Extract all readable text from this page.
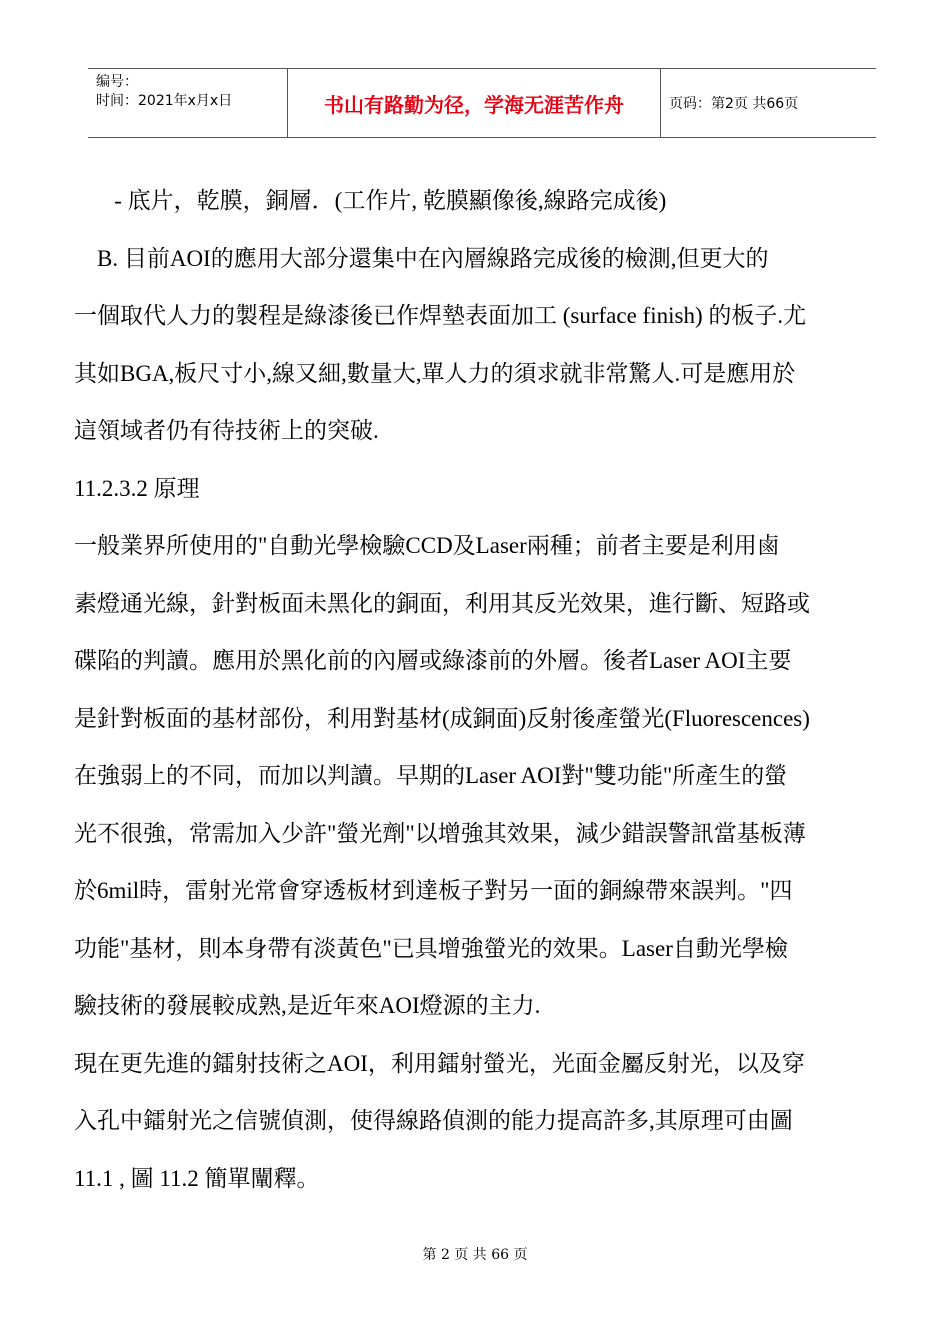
编号：
时间：2021年x月x日	书山有路勤为径，学海无涯苦作舟	页码：第2页 共66页

- 底片，乾膜，銅層．(工作片, 乾膜顯像後,線路完成後)

B. 目前AOI的應用大部分還集中在內層線路完成後的檢測,但更大的

一個取代人力的製程是綠漆後已作焊墊表面加工 (surface finish) 的板子.尤

其如BGA,板尺寸小,線又細,數量大,單人力的須求就非常驚人.可是應用於

這領域者仍有待技術上的突破.

11.2.3.2 原理

一般業界所使用的"自動光學檢驗CCD及Laser兩種；前者主要是利用鹵

素燈通光線，針對板面未黑化的銅面，利用其反光效果，進行斷、短路或

碟陷的判讀。應用於黑化前的內層或綠漆前的外層。後者Laser AOI主要

是針對板面的基材部份，利用對基材(成銅面)反射後產螢光(Fluorescences)

在強弱上的不同，而加以判讀。早期的Laser AOI對"雙功能"所產生的螢

光不很強，常需加入少許"螢光劑"以增強其效果，減少錯誤警訊當基板薄

於6mil時，雷射光常會穿透板材到達板子對另一面的銅線帶來誤判。"四

功能"基材，則本身帶有淡黃色"已具增強螢光的效果。Laser自動光學檢

驗技術的發展較成熟,是近年來AOI燈源的主力.

現在更先進的鐳射技術之AOI，利用鐳射螢光，光面金屬反射光，以及穿

入孔中鐳射光之信號偵測，使得線路偵測的能力提高許多,其原理可由圖

11.1 , 圖 11.2 簡單闡釋。

第 2 页 共 66 页
